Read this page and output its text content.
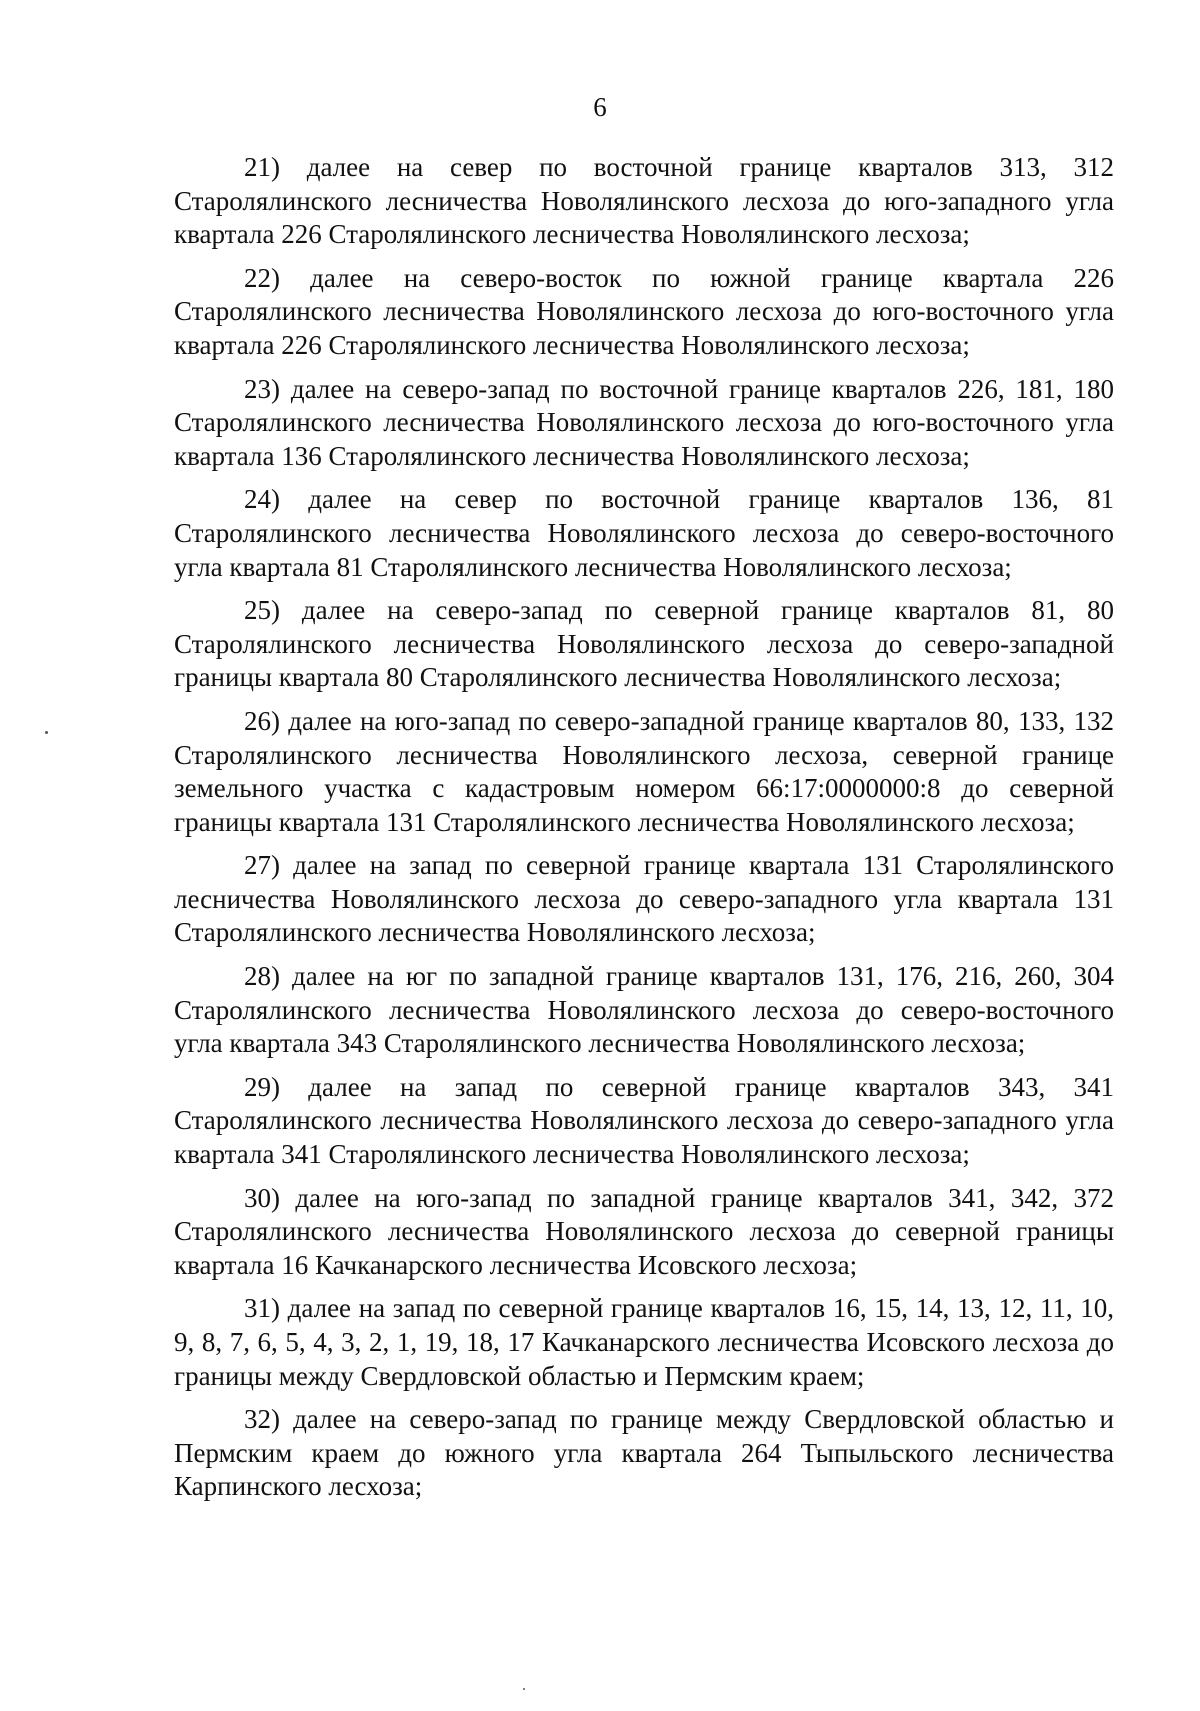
6

21) далее на север по восточной границе кварталов 313, 312 Старолялинского лесничества Новолялинского лесхоза до юго-западного угла квартала 226 Старолялинского лесничества Новолялинского лесхоза;

22) далее на северо-восток по южной границе квартала 226 Старолялинского лесничества Новолялинского лесхоза до юго-восточного угла квартала 226 Старолялинского лесничества Новолялинского лесхоза;

23) далее на северо-запад по восточной границе кварталов 226, 181, 180 Старолялинского лесничества Новолялинского лесхоза до юго-восточного угла квартала 136 Старолялинского лесничества Новолялинского лесхоза;

24) далее на север по восточной границе кварталов 136, 81 Старолялинского лесничества Новолялинского лесхоза до северо-восточного угла квартала 81 Старолялинского лесничества Новолялинского лесхоза;

25) далее на северо-запад по северной границе кварталов 81, 80 Старолялинского лесничества Новолялинского лесхоза до северо-западной границы квартала 80 Старолялинского лесничества Новолялинского лесхоза;

26) далее на юго-запад по северо-западной границе кварталов 80, 133, 132 Старолялинского лесничества Новолялинского лесхоза, северной границе земельного участка с кадастровым номером 66:17:0000000:8 до северной границы квартала 131 Старолялинского лесничества Новолялинского лесхоза;

27) далее на запад по северной границе квартала 131 Старолялинского лесничества Новолялинского лесхоза до северо-западного угла квартала 131 Старолялинского лесничества Новолялинского лесхоза;

28) далее на юг по западной границе кварталов 131, 176, 216, 260, 304 Старолялинского лесничества Новолялинского лесхоза до северо-восточного угла квартала 343 Старолялинского лесничества Новолялинского лесхоза;

29) далее на запад по северной границе кварталов 343, 341 Старолялинского лесничества Новолялинского лесхоза до северо-западного угла квартала 341 Старолялинского лесничества Новолялинского лесхоза;

30) далее на юго-запад по западной границе кварталов 341, 342, 372 Старолялинского лесничества Новолялинского лесхоза до северной границы квартала 16 Качканарского лесничества Исовского лесхоза;

31) далее на запад по северной границе кварталов 16, 15, 14, 13, 12, 11, 10, 9, 8, 7, 6, 5, 4, 3, 2, 1, 19, 18, 17 Качканарского лесничества Исовского лесхоза до границы между Свердловской областью и Пермским краем;

32) далее на северо-запад по границе между Свердловской областью и Пермским краем до южного угла квартала 264 Тыпыльского лесничества Карпинского лесхоза;
